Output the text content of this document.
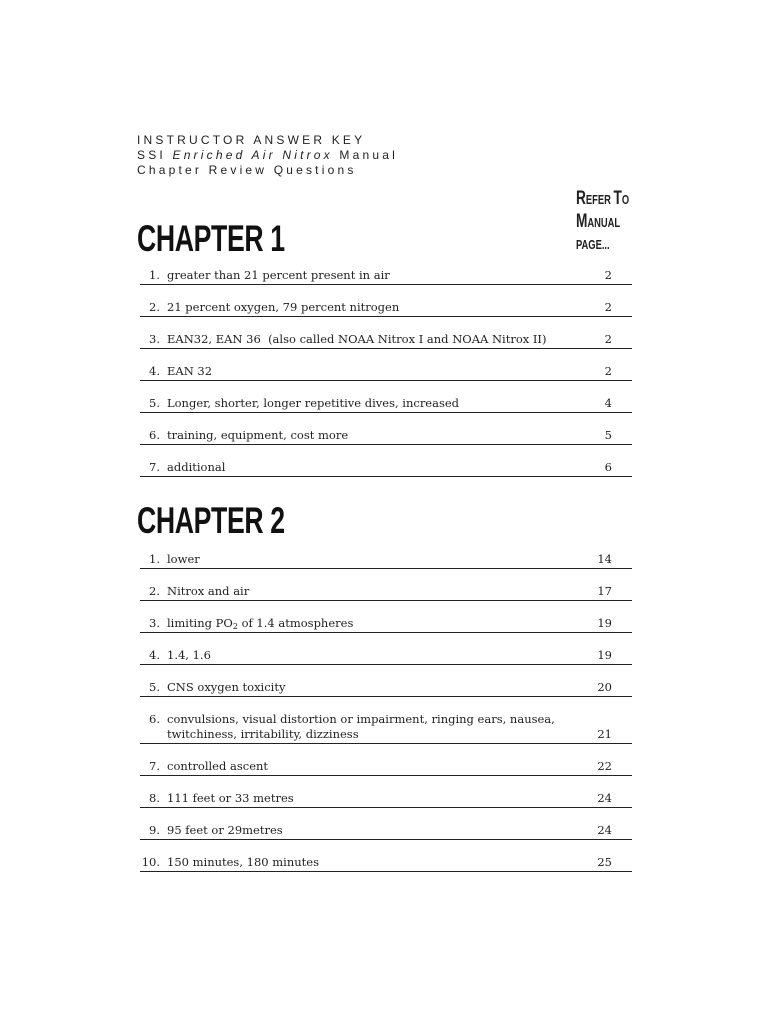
INSTRUCTOR ANSWER KEY
SSI Enriched Air Nitrox Manual
Chapter Review Questions
REFER TO
MANUAL
PAGE...
CHAPTER 1
1. greater than 21 percent present in air	2
2. 21 percent oxygen, 79 percent nitrogen	2
3. EAN32, EAN 36  (also called NOAA Nitrox I and NOAA Nitrox II)	2
4. EAN 32	2
5. Longer, shorter, longer repetitive dives, increased	4
6. training, equipment, cost more	5
7. additional	6
CHAPTER 2
1. lower	14
2. Nitrox and air	17
3. limiting $PO_2$ of 1.4 atmospheres	19
4. 1.4, 1.6	19
5. CNS oxygen toxicity	20
6. convulsions, visual distortion or impairment, ringing ears, nausea,
twitchiness, irritability, dizziness	21
7. controlled ascent	22
8. 111 feet or 33 metres	24
9. 95 feet or 29metres	24
10. 150 minutes, 180 minutes	25
